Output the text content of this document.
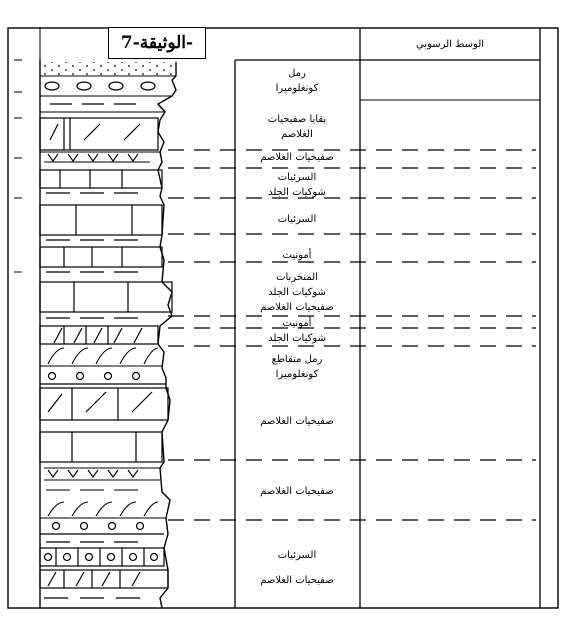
الوثيقة-7-	الوسط الرسوبي
رمل
كونغلوميرا
بقايا صفيحيات
الغلاصم
صفيحيات الغلاصم
السرئيات
شوكيات الجلد
السرئيات
أمونيت
المنخربات
شوكيات الجلد
صفيحيات الغلاصم
أمونيت
شوكيات الجلد
رمل متقاطع
كونغلوميرا
صفيحيات الغلاصم
صفيحيات الغلاصم
السرئيات
صفيحيات الغلاصم
